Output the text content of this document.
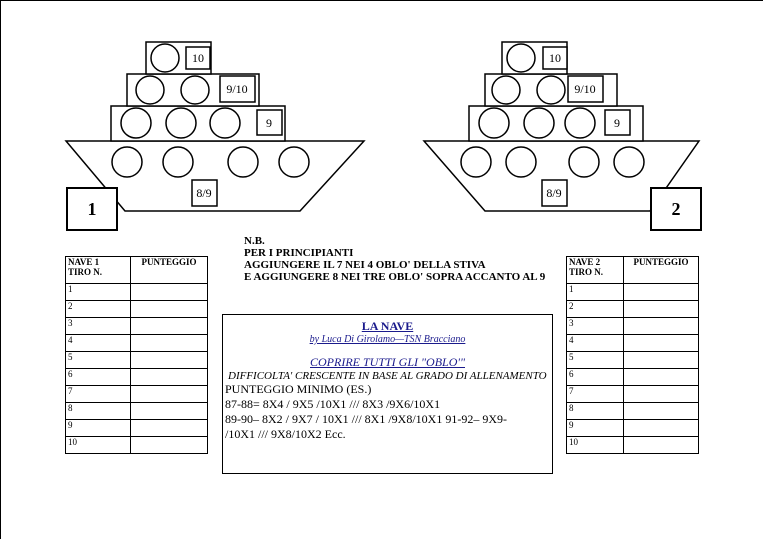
10
9/10
9
8/9
10
9/10
9
8/9
1	2
N.B.
PER I PRINCIPIANTI
AGGIUNGERE IL 7 NEI 4 OBLO' DELLA STIVA
E AGGIUNGERE 8 NEI TRE OBLO' SOPRA ACCANTO AL 9
NAVE 1
TIRO N.	PUNTEGGIO
1	
2	
3	
4	
5	
6	
7	
8	
9	
10	
NAVE 2
TIRO N.	PUNTEGGIO
1	
2	
3	
4	
5	
6	
7	
8	
9	
10	
LA NAVE
by Luca Di Girolamo—TSN Bracciano
COPRIRE TUTTI GLI "OBLO'"
DIFFICOLTA' CRESCENTE IN BASE AL GRADO DI ALLENAMENTO
PUNTEGGIO MINIMO (ES.)
87-88= 8X4 / 9X5 /10X1 /// 8X3 /9X6/10X1
89-90– 8X2 / 9X7 / 10X1 /// 8X1 /9X8/10X1 91-92– 9X9-
/10X1 /// 9X8/10X2 Ecc.
